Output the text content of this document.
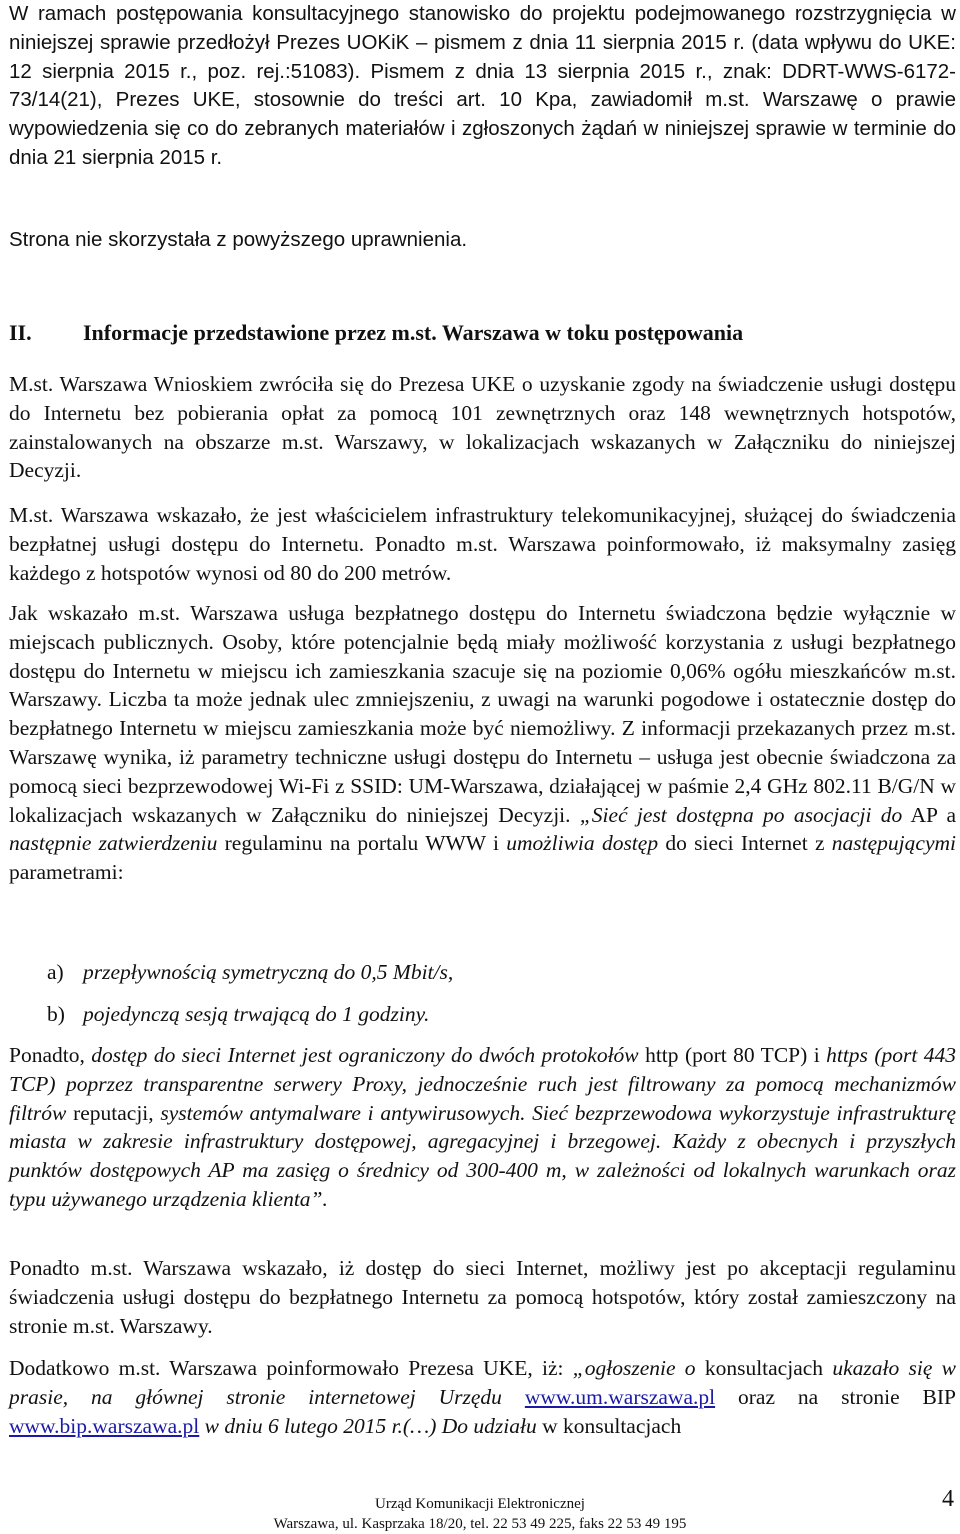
W ramach postępowania konsultacyjnego stanowisko do projektu podejmowanego rozstrzygnięcia w niniejszej sprawie przedłożył Prezes UOKiK – pismem z dnia 11 sierpnia 2015 r. (data wpływu do UKE: 12 sierpnia 2015 r., poz. rej.:51083). Pismem z dnia 13 sierpnia 2015 r., znak: DDRT-WWS-6172-73/14(21), Prezes UKE, stosownie do treści art. 10 Kpa, zawiadomił m.st. Warszawę o prawie wypowiedzenia się co do zebranych materiałów i zgłoszonych żądań w niniejszej sprawie w terminie do dnia 21 sierpnia 2015 r.

Strona nie skorzystała z powyższego uprawnienia.

II. Informacje przedstawione przez m.st. Warszawa w toku postępowania

M.st. Warszawa Wnioskiem zwróciła się do Prezesa UKE o uzyskanie zgody na świadczenie usługi dostępu do Internetu bez pobierania opłat za pomocą 101 zewnętrznych oraz 148 wewnętrznych hotspotów, zainstalowanych na obszarze m.st. Warszawy, w lokalizacjach wskazanych w Załączniku do niniejszej Decyzji.

M.st. Warszawa wskazało, że jest właścicielem infrastruktury telekomunikacyjnej, służącej do świadczenia bezpłatnej usługi dostępu do Internetu. Ponadto m.st. Warszawa poinformowało, iż maksymalny zasięg każdego z hotspotów wynosi od 80 do 200 metrów.

Jak wskazało m.st. Warszawa usługa bezpłatnego dostępu do Internetu świadczona będzie wyłącznie w miejscach publicznych. Osoby, które potencjalnie będą miały możliwość korzystania z usługi bezpłatnego dostępu do Internetu w miejscu ich zamieszkania szacuje się na poziomie 0,06% ogółu mieszkańców m.st. Warszawy. Liczba ta może jednak ulec zmniejszeniu, z uwagi na warunki pogodowe i ostatecznie dostęp do bezpłatnego Internetu w miejscu zamieszkania może być niemożliwy. Z informacji przekazanych przez m.st. Warszawę wynika, iż parametry techniczne usługi dostępu do Internetu – usługa jest obecnie świadczona za pomocą sieci bezprzewodowej Wi-Fi z SSID: UM-Warszawa, działającej w paśmie 2,4 GHz 802.11 B/G/N w lokalizacjach wskazanych w Załączniku do niniejszej Decyzji. „Sieć jest dostępna po asocjacji do AP a następnie zatwierdzeniu regulaminu na portalu WWW i umożliwia dostęp do sieci Internet z następującymi parametrami:

a) przepływnością symetryczną do 0,5 Mbit/s,
b) pojedynczą sesją trwającą do 1 godziny.

Ponadto, dostęp do sieci Internet jest ograniczony do dwóch protokołów http (port 80 TCP) i https (port 443 TCP) poprzez transparentne serwery Proxy, jednocześnie ruch jest filtrowany za pomocą mechanizmów filtrów reputacji, systemów antymalware i antywirusowych. Sieć bezprzewodowa wykorzystuje infrastrukturę miasta w zakresie infrastruktury dostępowej, agregacyjnej i brzegowej. Każdy z obecnych i przyszłych punktów dostępowych AP ma zasięg o średnicy od 300-400 m, w zależności od lokalnych warunkach oraz typu używanego urządzenia klienta”.

Ponadto m.st. Warszawa wskazało, iż dostęp do sieci Internet, możliwy jest po akceptacji regulaminu świadczenia usługi dostępu do bezpłatnego Internetu za pomocą hotspotów, który został zamieszczony na stronie m.st. Warszawy.

Dodatkowo m.st. Warszawa poinformowało Prezesa UKE, iż: „ogłoszenie o konsultacjach ukazało się w prasie, na głównej stronie internetowej Urzędu www.um.warszawa.pl oraz na stronie BIP www.bip.warszawa.pl w dniu 6 lutego 2015 r.(…) Do udziału w konsultacjach

Urząd Komunikacji Elektronicznej
Warszawa, ul. Kasprzaka 18/20, tel. 22 53 49 225, faks 22 53 49 195
4
